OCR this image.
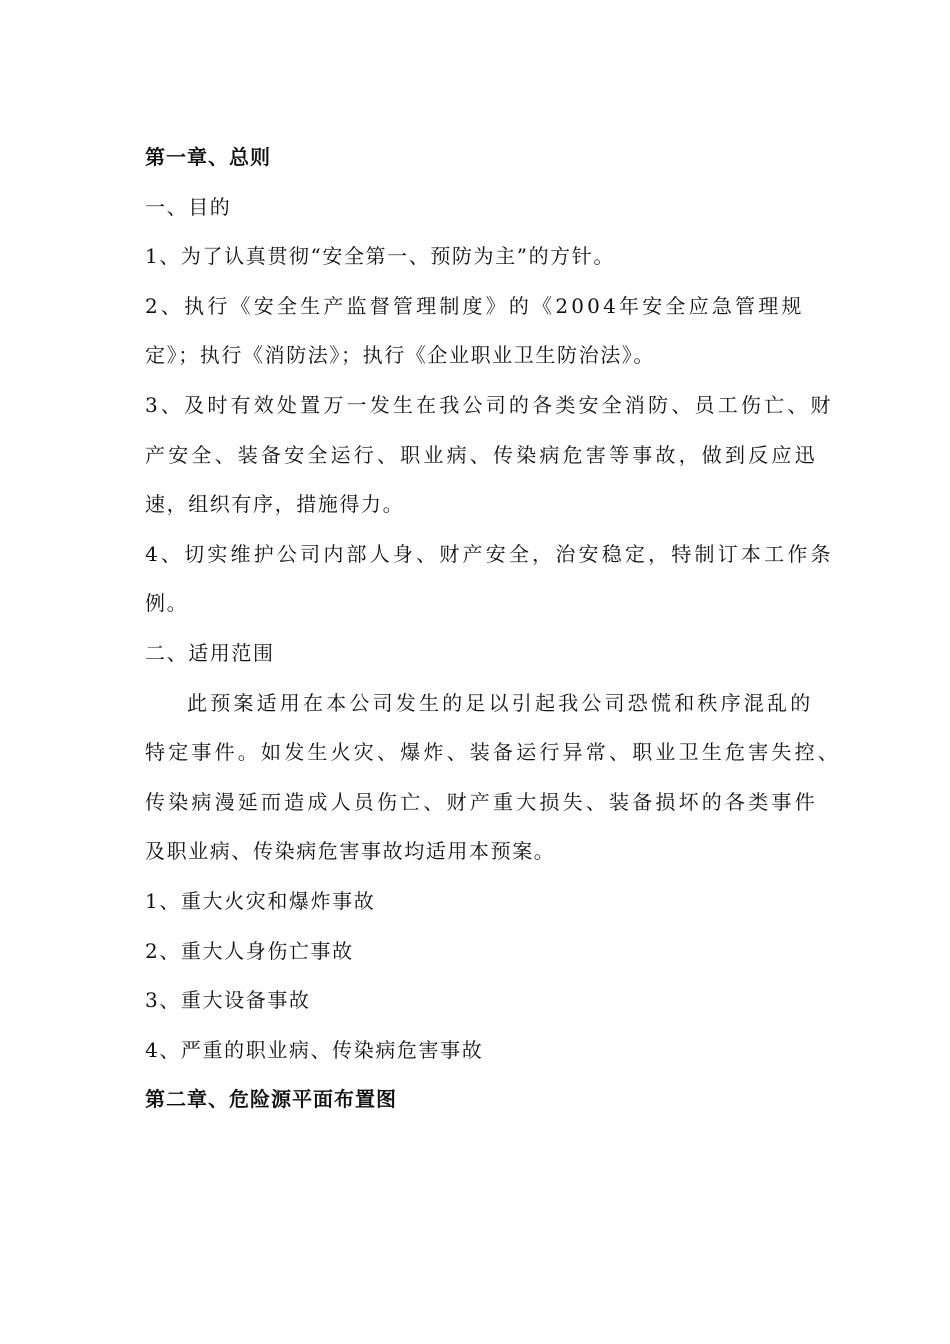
第一章、总则
一、目的
1、为了认真贯彻“安全第一、预防为主”的方针。
2、执行《安全生产监督管理制度》的《2004年安全应急管理规
定》；执行《消防法》；执行《企业职业卫生防治法》。
3、及时有效处置万一发生在我公司的各类安全消防、员工伤亡、财
产安全、装备安全运行、职业病、传染病危害等事故，做到反应迅
速，组织有序，措施得力。
4、切实维护公司内部人身、财产安全，治安稳定，特制订本工作条
例。
二、适用范围
此预案适用在本公司发生的足以引起我公司恐慌和秩序混乱的
特定事件。如发生火灾、爆炸、装备运行异常、职业卫生危害失控、
传染病漫延而造成人员伤亡、财产重大损失、装备损坏的各类事件
及职业病、传染病危害事故均适用本预案。
1、重大火灾和爆炸事故
2、重大人身伤亡事故
3、重大设备事故
4、严重的职业病、传染病危害事故
第二章、危险源平面布置图
